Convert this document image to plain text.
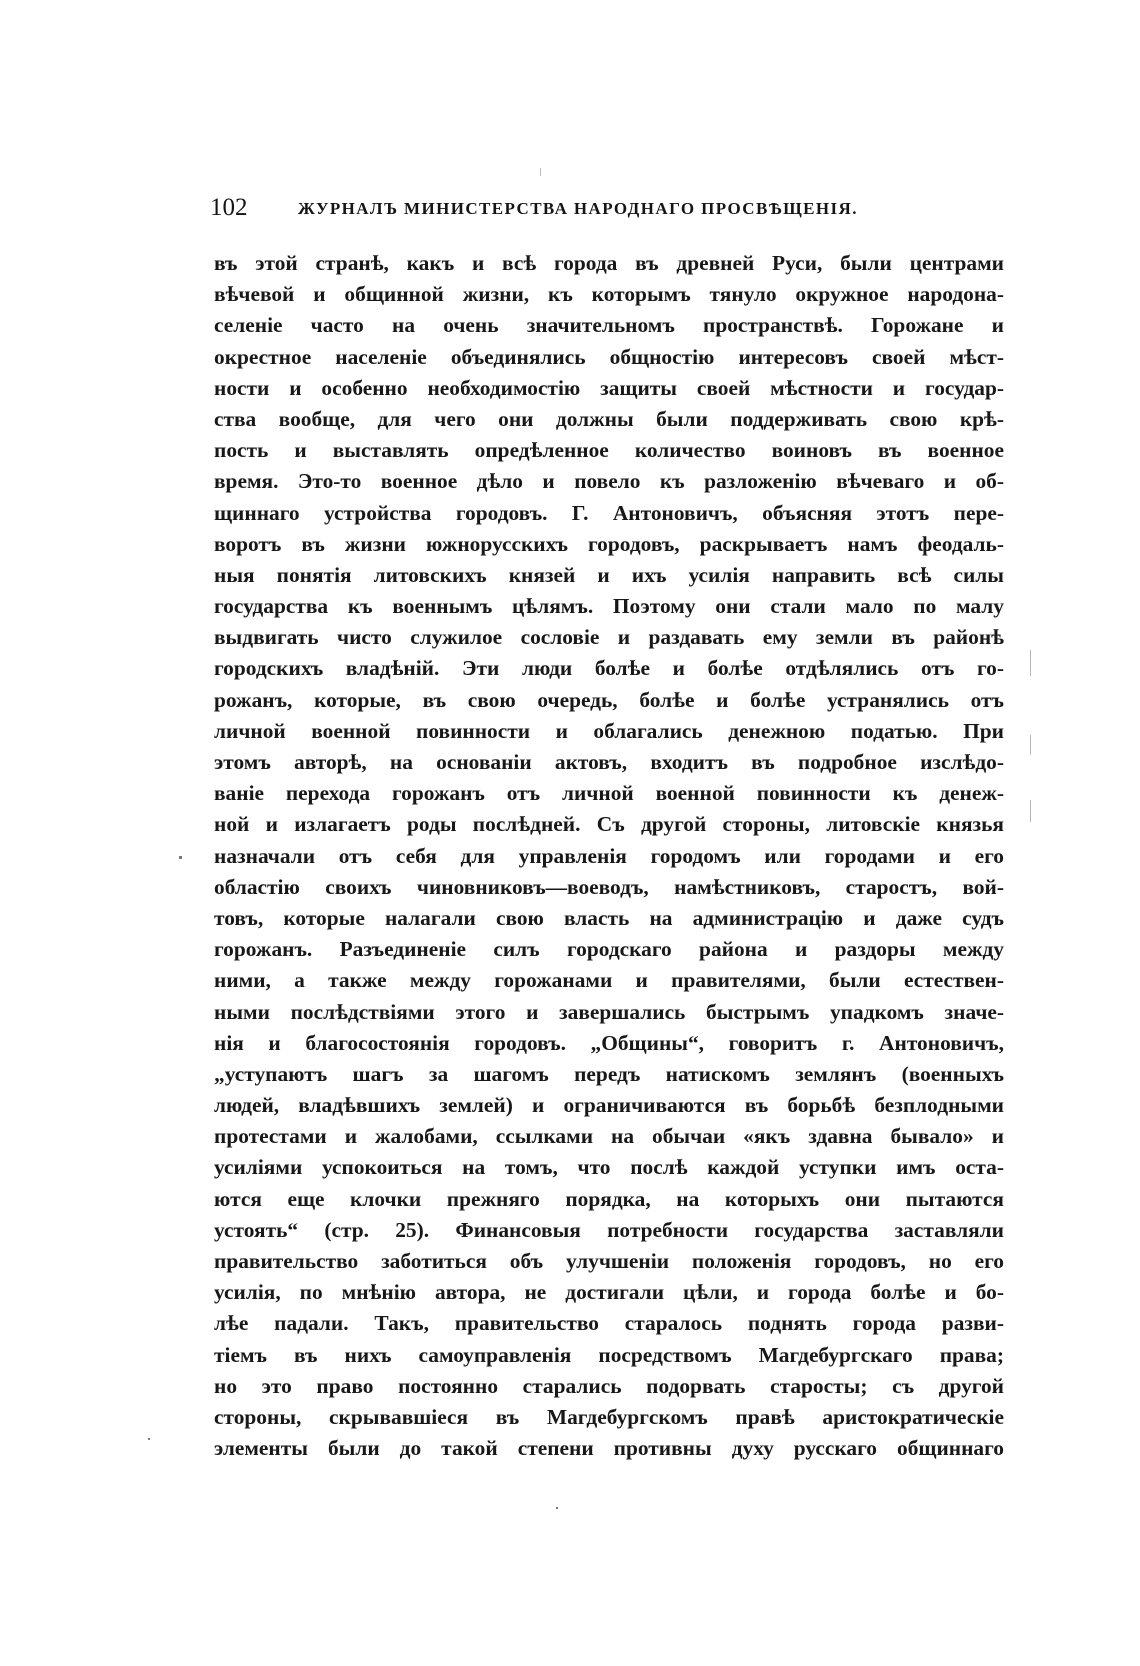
102	ЖУРНАЛЪ МИНИСТЕРСТВА НАРОДНАГО ПРОСВѢЩЕНІЯ.
въ этой странѣ, какъ и всѣ города въ древней Руси, были центрами
вѣчевой и общинной жизни, къ которымъ тянуло окружное народона-
селеніе часто на очень значительномъ пространствѣ. Горожане и
окрестное населеніе объединялись общностію интересовъ своей мѣст-
ности и особенно необходимостію защиты своей мѣстности и государ-
ства вообще, для чего они должны были поддерживать свою крѣ-
пость и выставлять опредѣленное количество воиновъ въ военное
время. Это-то военное дѣло и повело къ разложенію вѣчеваго и об-
щиннаго устройства городовъ. Г. Антоновичъ, объясняя этотъ пере-
воротъ въ жизни южнорусскихъ городовъ, раскрываетъ намъ феодаль-
ныя понятія литовскихъ князей и ихъ усилія направить всѣ силы
государства къ военнымъ цѣлямъ. Поэтому они стали мало по малу
выдвигать чисто служилое сословіе и раздавать ему земли въ районѣ
городскихъ владѣній. Эти люди болѣе и болѣе отдѣлялись отъ го-
рожанъ, которые, въ свою очередь, болѣе и болѣе устранялись отъ
личной военной повинности и облагались денежною податью. При
этомъ авторѣ, на основаніи актовъ, входитъ въ подробное изслѣдо-
ваніе перехода горожанъ отъ личной военной повинности къ денеж-
ной и излагаетъ роды послѣдней. Съ другой стороны, литовскіе князья
назначали отъ себя для управленія городомъ или городами и его
областію своихъ чиновниковъ—воеводъ, намѣстниковъ, старостъ, вой-
товъ, которые налагали свою власть на администрацію и даже судъ
горожанъ. Разъединеніе силъ городскаго района и раздоры между
ними, а также между горожанами и правителями, были естествен-
ными послѣдствіями этого и завершались быстрымъ упадкомъ значе-
нія и благосостоянія городовъ. „Общины“, говоритъ г. Антоновичъ,
„уступаютъ шагъ за шагомъ передъ натискомъ землянъ (военныхъ
людей, владѣвшихъ землей) и ограничиваются въ борьбѣ безплодными
протестами и жалобами, ссылками на обычаи «якъ здавна бывало» и
усиліями успокоиться на томъ, что послѣ каждой уступки имъ оста-
ются еще клочки прежняго порядка, на которыхъ они пытаются
устоять“ (стр. 25). Финансовыя потребности государства заставляли
правительство заботиться объ улучшеніи положенія городовъ, но его
усилія, по мнѣнію автора, не достигали цѣли, и города болѣе и бо-
лѣе падали. Такъ, правительство старалось поднять города разви-
тіемъ въ нихъ самоуправленія посредствомъ Магдебургскаго права;
но это право постоянно старались подорвать старосты; съ другой
стороны, скрывавшіеся въ Магдебургскомъ правѣ аристократическіе
элементы были до такой степени противны духу русскаго общиннаго
